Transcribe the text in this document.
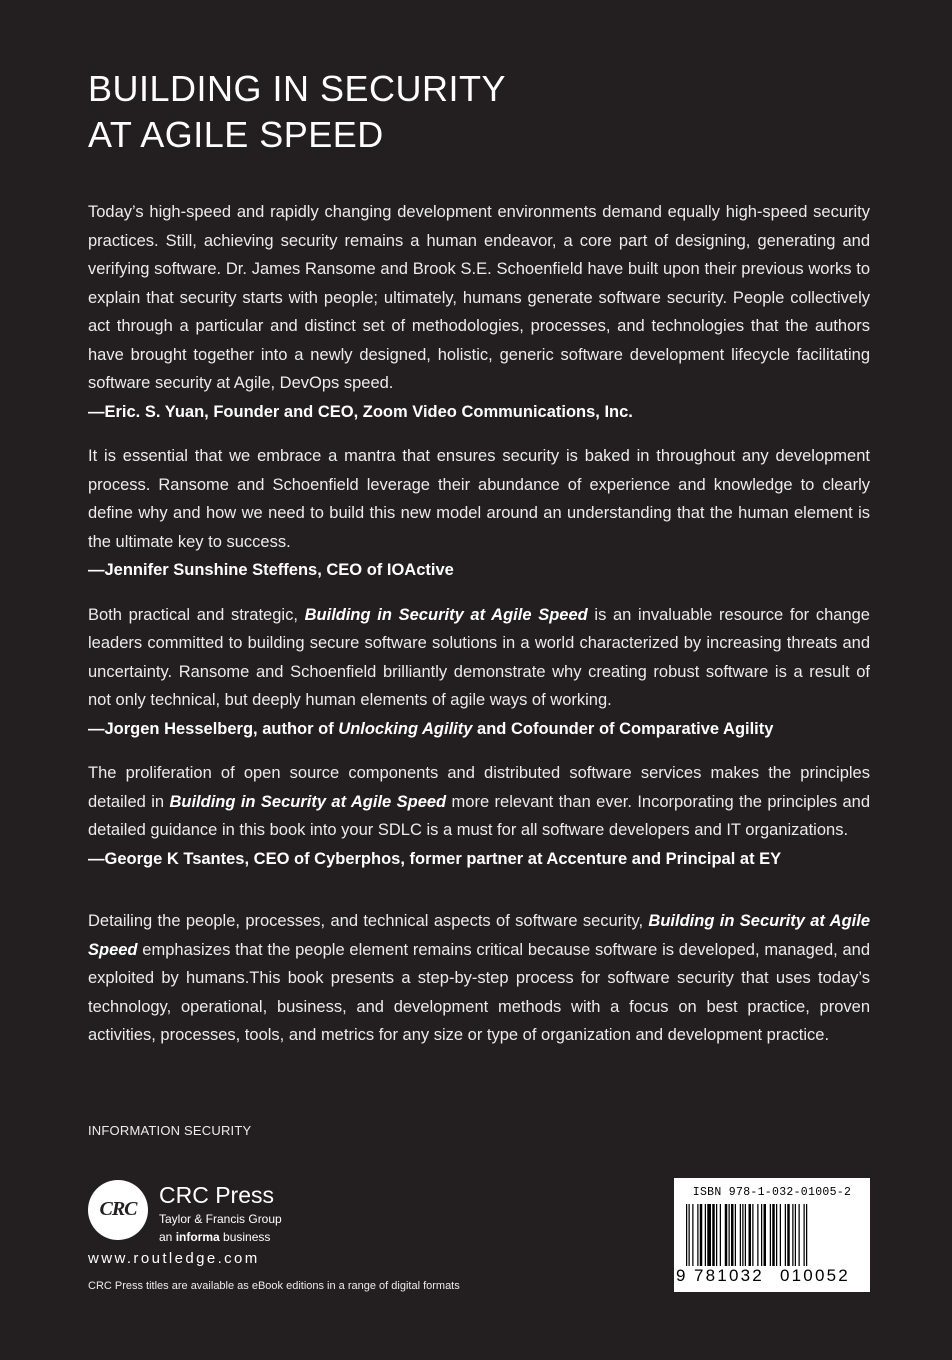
BUILDING IN SECURITY
AT AGILE SPEED

Today’s high-speed and rapidly changing development environments demand equally high-speed security practices. Still, achieving security remains a human endeavor, a core part of designing, generating and verifying software. Dr. James Ransome and Brook S.E. Schoenfield have built upon their previous works to explain that security starts with people; ultimately, humans generate software security. People collectively act through a particular and distinct set of methodologies, processes, and technologies that the authors have brought together into a newly designed, holistic, generic software development lifecycle facilitating software security at Agile, DevOps speed.

—Eric. S. Yuan, Founder and CEO, Zoom Video Communications, Inc.

It is essential that we embrace a mantra that ensures security is baked in throughout any development process. Ransome and Schoenfield leverage their abundance of experience and knowledge to clearly define why and how we need to build this new model around an understanding that the human element is the ultimate key to success.

—Jennifer Sunshine Steffens, CEO of IOActive

Both practical and strategic, Building in Security at Agile Speed is an invaluable resource for change leaders committed to building secure software solutions in a world characterized by increasing threats and uncertainty. Ransome and Schoenfield brilliantly demonstrate why creating robust software is a result of not only technical, but deeply human elements of agile ways of working.

—Jorgen Hesselberg, author of Unlocking Agility and Cofounder of Comparative Agility

The proliferation of open source components and distributed software services makes the principles detailed in Building in Security at Agile Speed more relevant than ever. Incorporating the principles and detailed guidance in this book into your SDLC is a must for all software developers and IT organizations.

—George K Tsantes, CEO of Cyberphos, former partner at Accenture and Principal at EY

Detailing the people, processes, and technical aspects of software security, Building in Security at Agile Speed emphasizes that the people element remains critical because software is developed, managed, and exploited by humans.This book presents a step-by-step process for software security that uses today’s technology, operational, business, and development methods with a focus on best practice, proven activities, processes, tools, and metrics for any size or type of organization and development practice.

INFORMATION SECURITY
CRC
CRC Press
Taylor & Francis Group
an informa business
www.routledge.com
CRC Press titles are available as eBook editions in a range of digital formats
ISBN 978-1-032-01005-2
9 781032 010052
